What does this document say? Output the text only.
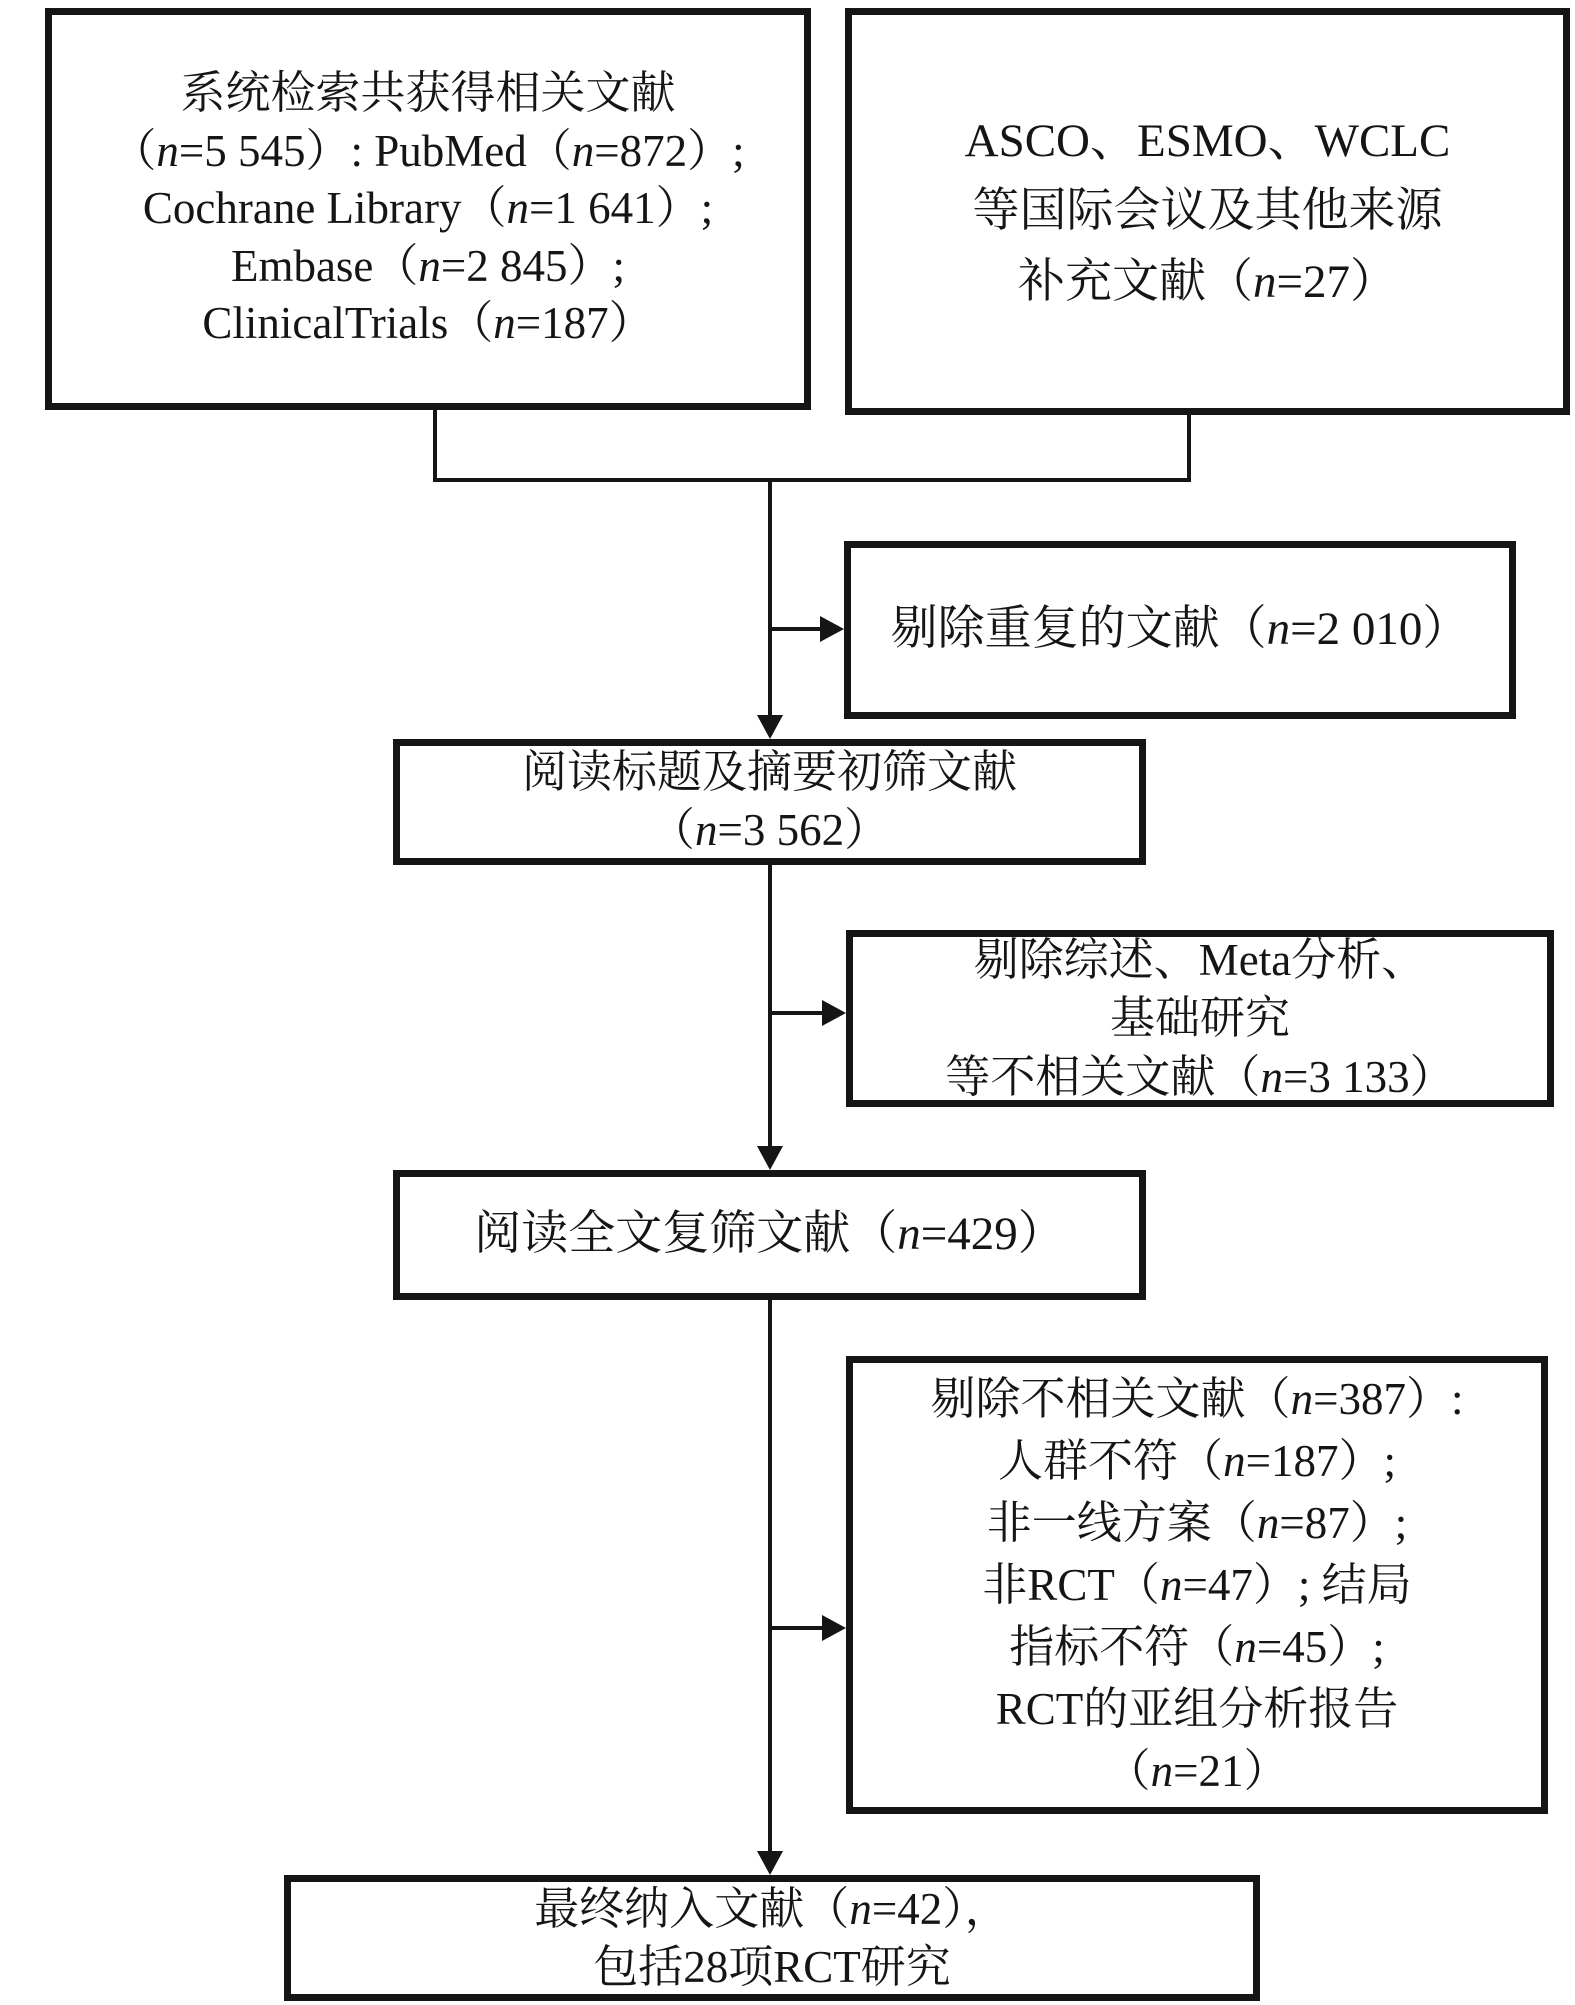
系统检索共获得相关文献
（n=5 545）: PubMed（n=872）;
Cochrane Library（n=1 641）;
Embase（n=2 845）;
ClinicalTrials（n=187）
ASCO、ESMO、WCLC
等国际会议及其他来源
补充文献（n=27）
剔除重复的文献（n=2 010）
阅读标题及摘要初筛文献
（n=3 562）
剔除综述、Meta分析、
基础研究
等不相关文献（n=3 133）
阅读全文复筛文献（n=429）
剔除不相关文献（n=387）:
人群不符（n=187）;
非一线方案（n=87）;
非RCT（n=47）; 结局
指标不符（n=45）;
RCT的亚组分析报告
（n=21）
最终纳入文献（n=42），
包括28项RCT研究
